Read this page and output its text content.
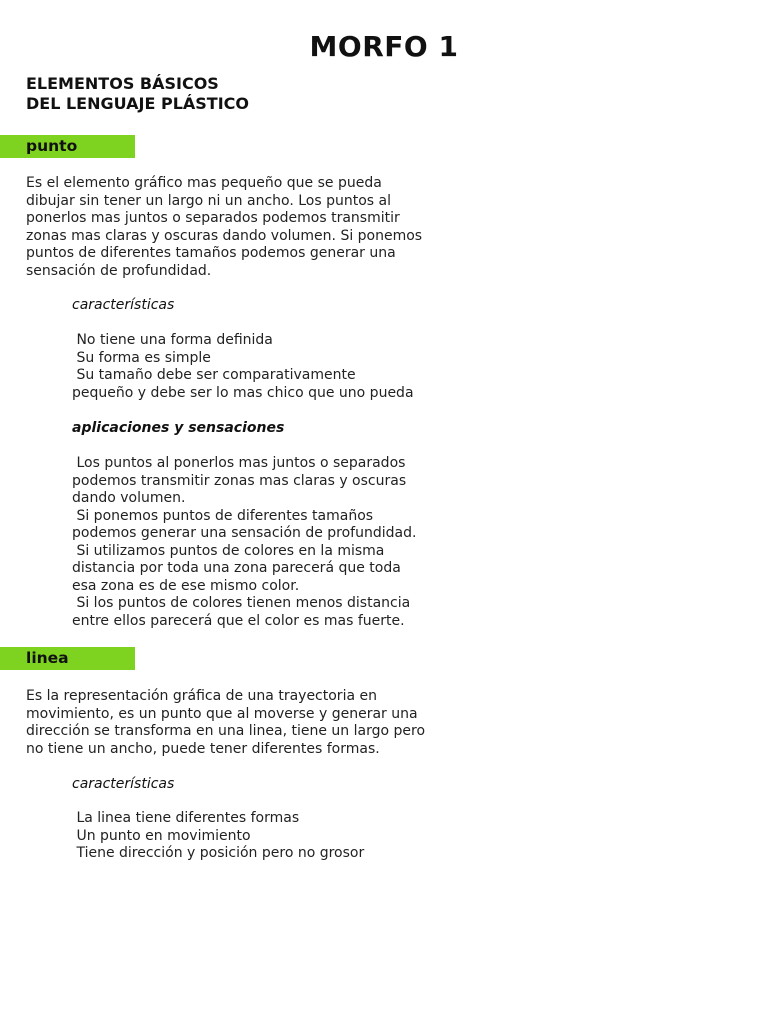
MORFO 1
ELEMENTOS BÁSICOS
DEL LENGUAJE PLÁSTICO
punto
Es el elemento gráfico mas pequeño que se pueda
dibujar sin tener un largo ni un ancho. Los puntos al
ponerlos mas juntos o separados podemos transmitir
zonas mas claras y oscuras dando volumen. Si ponemos
puntos de diferentes tamaños podemos generar una
sensación de profundidad.
características
No tiene una forma definida
Su forma es simple
Su tamaño debe ser comparativamente
pequeño y debe ser lo mas chico que uno pueda
aplicaciones y sensaciones
Los puntos al ponerlos mas juntos o separados
podemos transmitir zonas mas claras y oscuras
dando volumen.
Si ponemos puntos de diferentes tamaños
podemos generar una sensación de profundidad.
Si utilizamos puntos de colores en la misma
distancia por toda una zona parecerá que toda
esa zona es de ese mismo color.
Si los puntos de colores tienen menos distancia
entre ellos parecerá que el color es mas fuerte.
linea
Es la representación gráfica de una trayectoria en
movimiento, es un punto que al moverse y generar una
dirección se transforma en una linea, tiene un largo pero
no tiene un ancho, puede tener diferentes formas.
características
La linea tiene diferentes formas
Un punto en movimiento
Tiene dirección y posición pero no grosor
